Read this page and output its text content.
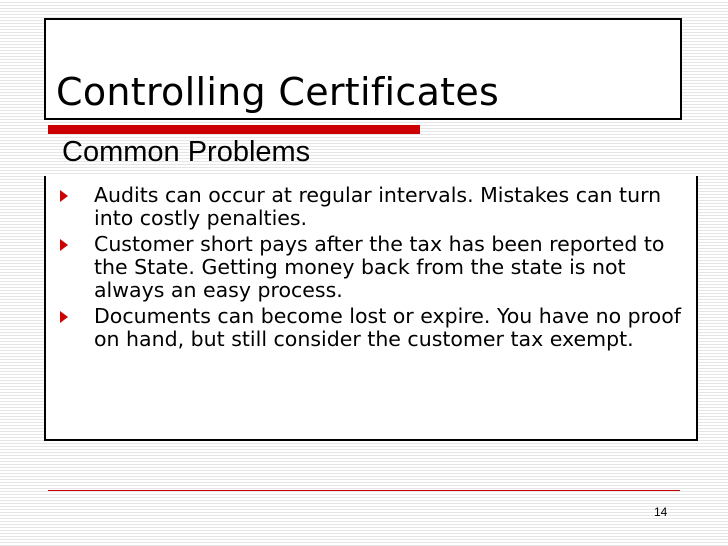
Controlling Certificates
Common Problems
Audits can occur at regular intervals. Mistakes can turn into costly penalties.
Customer short pays after the tax has been reported to the State. Getting money back from the state is not always an easy process.
Documents can become lost or expire. You have no proof on hand, but still consider the customer tax exempt.
14
